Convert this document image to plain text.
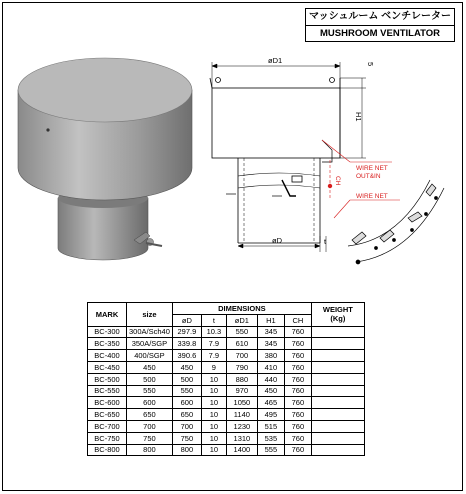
マッシュルーム ベンチレーター
MUSHROOM VENTILATOR
øD1	5
H1
øD	t
CH
WIRE NET
OUT&IN
WIRE NET
MARK	size	DIMENSIONS					WEIGHT
(Kg)

		øD	t	øD1	H1	CH	
BC-300	300A/Sch40	297.9	10.3	550	345	760	
BC-350	350A/SGP	339.8	7.9	610	345	760	
BC-400	400/SGP	390.6	7.9	700	380	760	
BC-450	450	450	9	790	410	760	
BC-500	500	500	10	880	440	760	
BC-550	550	550	10	970	450	760	
BC-600	600	600	10	1050	465	760	
BC-650	650	650	10	1140	495	760	
BC-700	700	700	10	1230	515	760	
BC-750	750	750	10	1310	535	760	
BC-800	800	800	10	1400	555	760	
